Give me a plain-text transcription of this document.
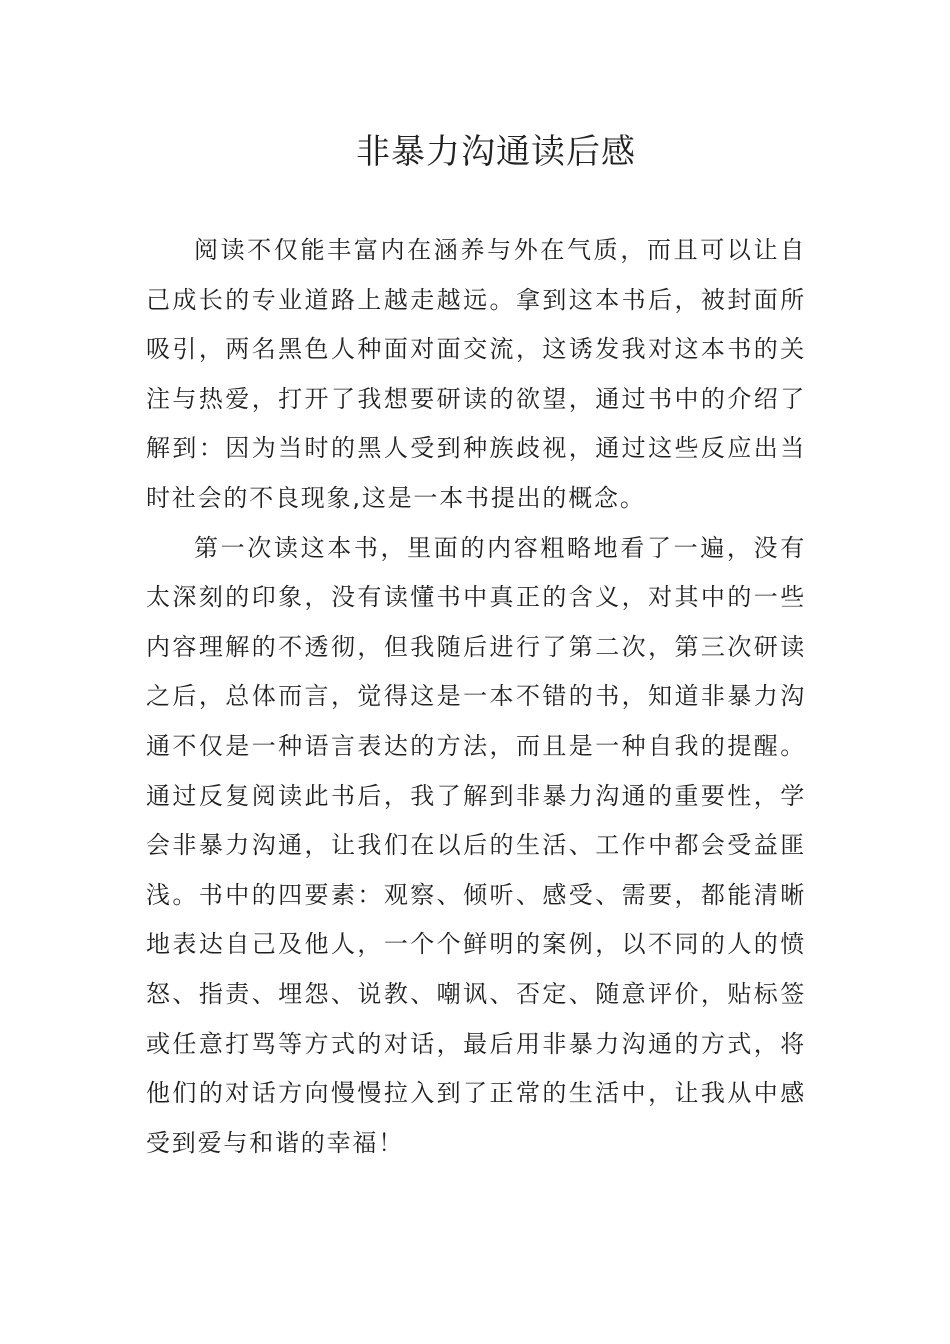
非暴力沟通读后感

阅读不仅能丰富内在涵养与外在气质，而且可以让自己成长的专业道路上越走越远。拿到这本书后，被封面所吸引，两名黑色人种面对面交流，这诱发我对这本书的关注与热爱，打开了我想要研读的欲望，通过书中的介绍了解到：因为当时的黑人受到种族歧视，通过这些反应出当时社会的不良现象,这是一本书提出的概念。

第一次读这本书，里面的内容粗略地看了一遍，没有太深刻的印象，没有读懂书中真正的含义，对其中的一些内容理解的不透彻，但我随后进行了第二次，第三次研读之后，总体而言，觉得这是一本不错的书，知道非暴力沟通不仅是一种语言表达的方法，而且是一种自我的提醒。通过反复阅读此书后，我了解到非暴力沟通的重要性，学会非暴力沟通，让我们在以后的生活、工作中都会受益匪浅。书中的四要素：观察、倾听、感受、需要，都能清晰地表达自己及他人，一个个鲜明的案例，以不同的人的愤怒、指责、埋怨、说教、嘲讽、否定、随意评价，贴标签或任意打骂等方式的对话，最后用非暴力沟通的方式，将他们的对话方向慢慢拉入到了正常的生活中，让我从中感受到爱与和谐的幸福！
